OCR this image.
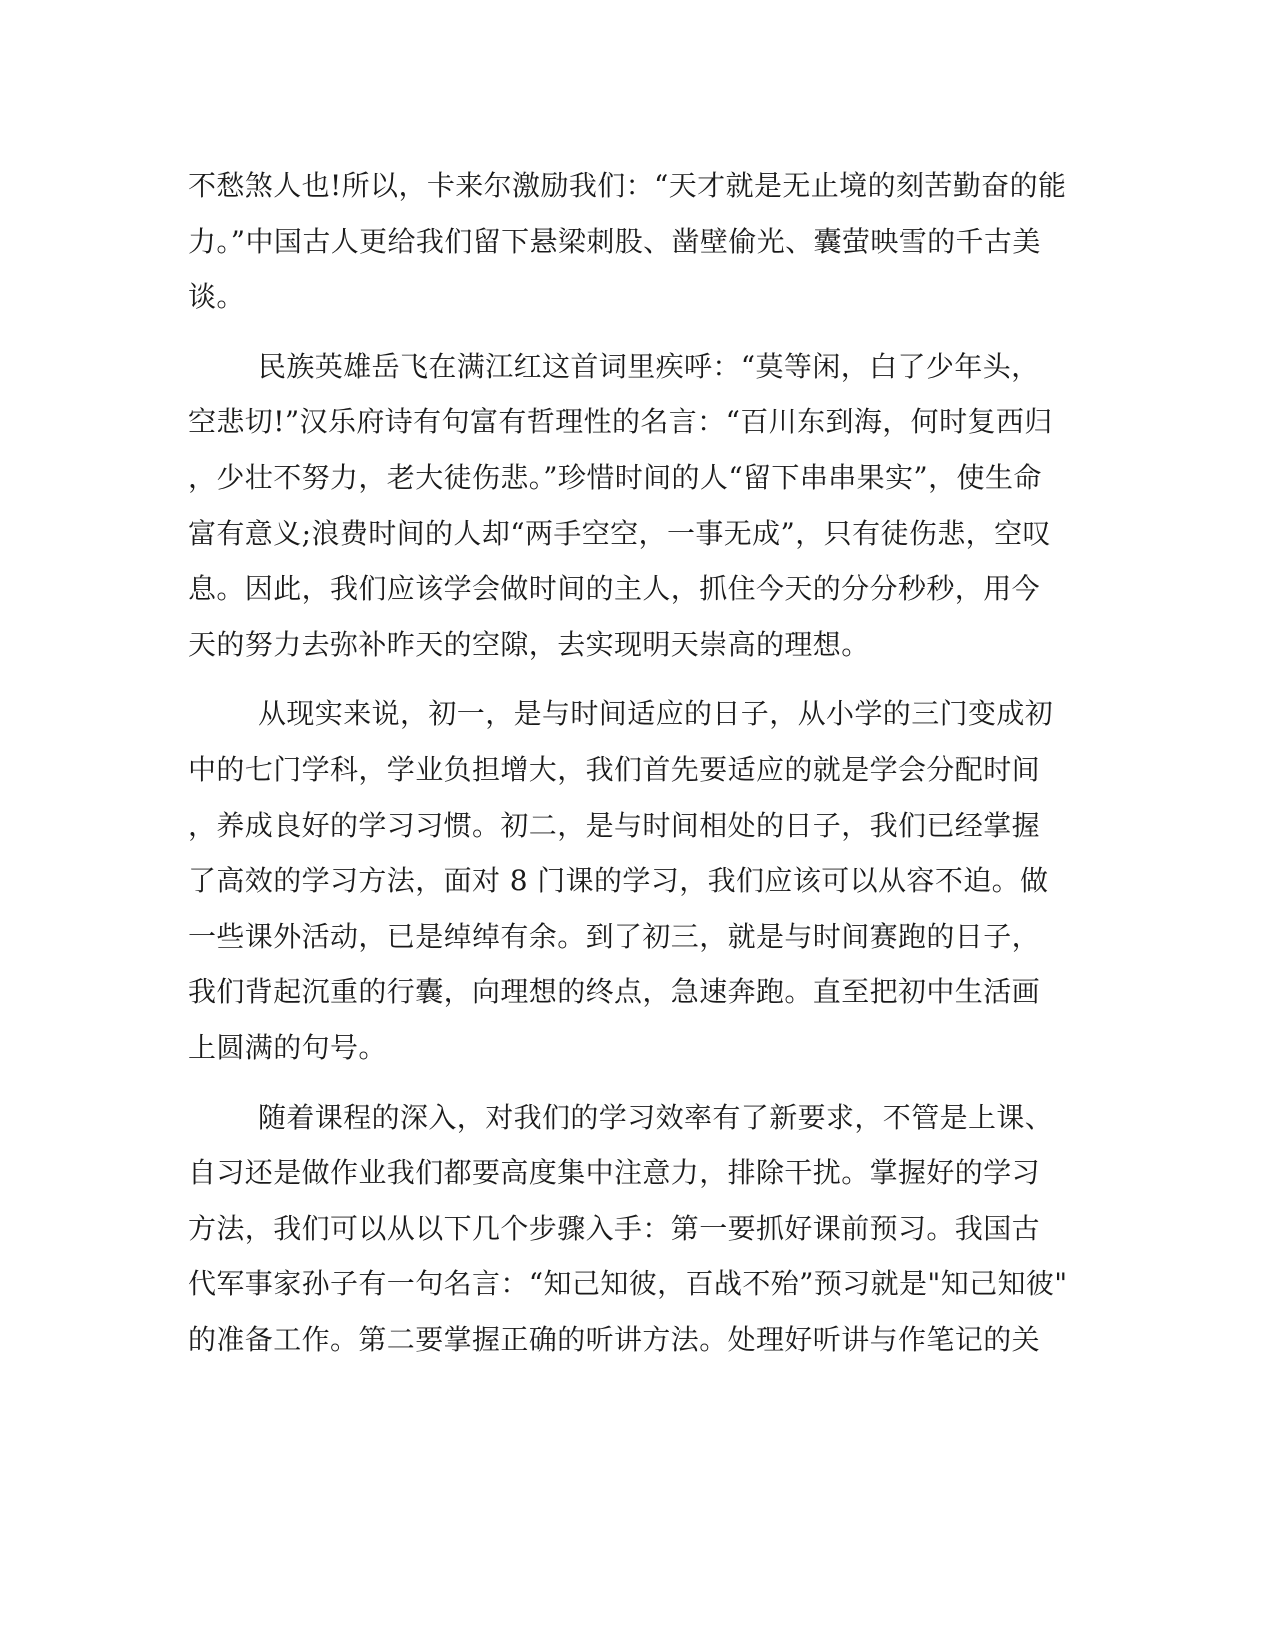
不愁煞人也!所以，卡来尔激励我们：“天才就是无止境的刻苦勤奋的能
力。”中国古人更给我们留下悬梁刺股、凿壁偷光、囊萤映雪的千古美
谈。
民族英雄岳飞在满江红这首词里疾呼：“莫等闲，白了少年头，
空悲切!”汉乐府诗有句富有哲理性的名言：“百川东到海，何时复西归
，少壮不努力，老大徒伤悲。”珍惜时间的人“留下串串果实”，使生命
富有意义;浪费时间的人却“两手空空，一事无成”，只有徒伤悲，空叹
息。因此，我们应该学会做时间的主人，抓住今天的分分秒秒，用今
天的努力去弥补昨天的空隙，去实现明天崇高的理想。
从现实来说，初一，是与时间适应的日子，从小学的三门变成初
中的七门学科，学业负担增大，我们首先要适应的就是学会分配时间
，养成良好的学习习惯。初二，是与时间相处的日子，我们已经掌握
了高效的学习方法，面对 8 门课的学习，我们应该可以从容不迫。做
一些课外活动，已是绰绰有余。到了初三，就是与时间赛跑的日子，
我们背起沉重的行囊，向理想的终点，急速奔跑。直至把初中生活画
上圆满的句号。
随着课程的深入，对我们的学习效率有了新要求，不管是上课、
自习还是做作业我们都要高度集中注意力，排除干扰。掌握好的学习
方法，我们可以从以下几个步骤入手：第一要抓好课前预习。我国古
代军事家孙子有一句名言：“知己知彼，百战不殆”预习就是"知己知彼"
的准备工作。第二要掌握正确的听讲方法。处理好听讲与作笔记的关
